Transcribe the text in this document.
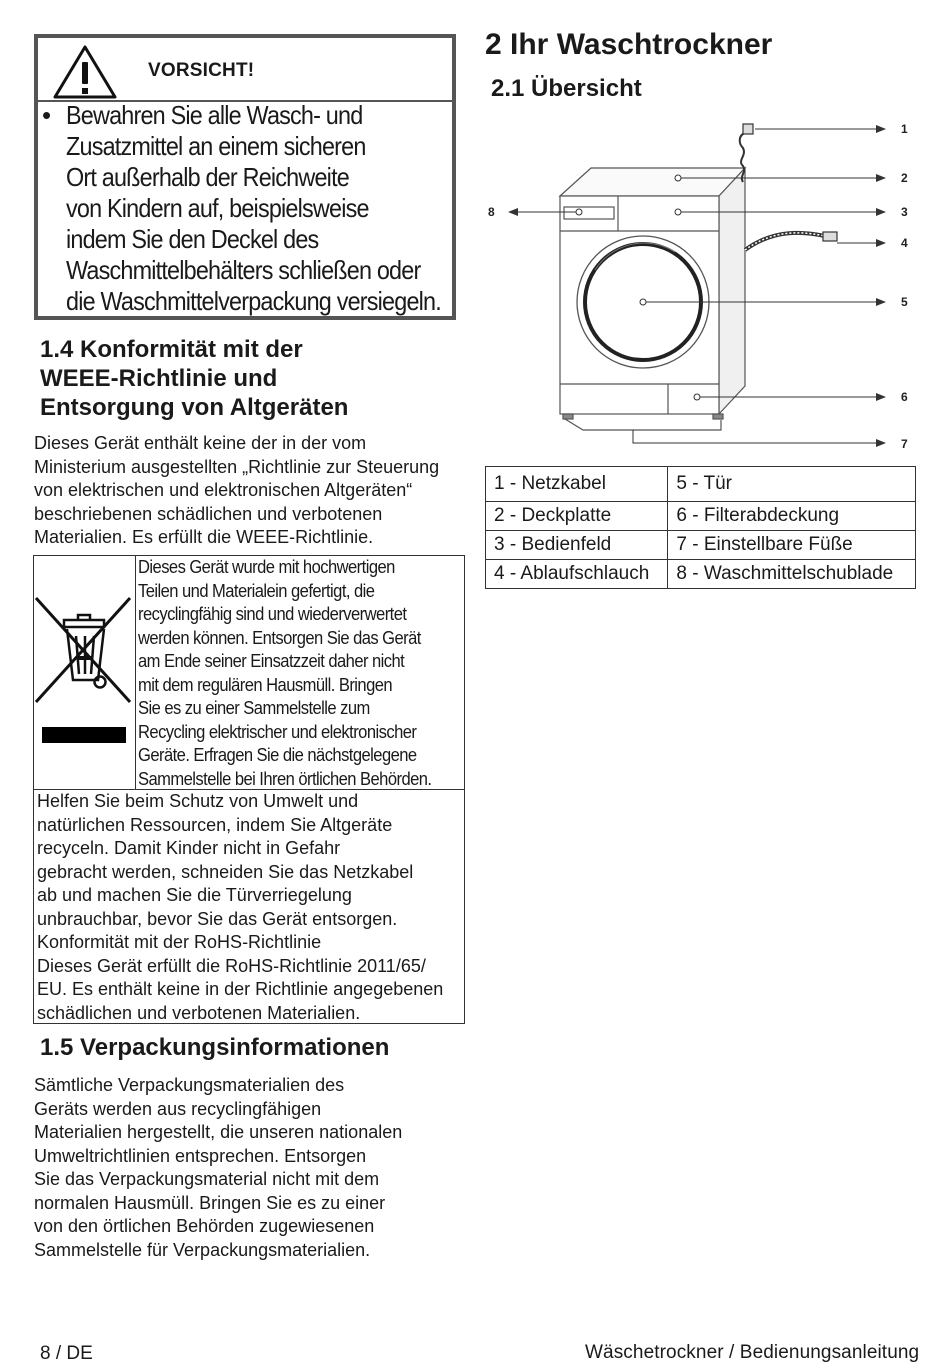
VORSICHT!
• Bewahren Sie alle Wasch- und
Zusatzmittel an einem sicheren
Ort außerhalb der Reichweite
von Kindern auf, beispielsweise
indem Sie den Deckel des
Waschmittelbehälters schließen oder
die Waschmittelverpackung versiegeln.
1.4 Konformität mit der
WEEE-Richtlinie und
Entsorgung von Altgeräten

Dieses Gerät enthält keine der in der vom
Ministerium ausgestellten „Richtlinie zur Steuerung
von elektrischen und elektronischen Altgeräten“
beschriebenen schädlichen und verbotenen
Materialien. Es erfüllt die WEEE-Richtlinie.

Dieses Gerät wurde mit hochwertigen
Teilen und Materialein gefertigt, die
recyclingfähig sind und wiederverwertet
werden können. Entsorgen Sie das Gerät
am Ende seiner Einsatzzeit daher nicht
mit dem regulären Hausmüll. Bringen
Sie es zu einer Sammelstelle zum
Recycling elektrischer und elektronischer
Geräte. Erfragen Sie die nächstgelegene
Sammelstelle bei Ihren örtlichen Behörden.
Helfen Sie beim Schutz von Umwelt und
natürlichen Ressourcen, indem Sie Altgeräte
recyceln. Damit Kinder nicht in Gefahr
gebracht werden, schneiden Sie das Netzkabel
ab und machen Sie die Türverriegelung
unbrauchbar, bevor Sie das Gerät entsorgen.
Konformität mit der RoHS-Richtlinie
Dieses Gerät erfüllt die RoHS-Richtlinie 2011/65/
EU. Es enthält keine in der Richtlinie angegebenen
schädlichen und verbotenen Materialien.
1.5 Verpackungsinformationen

Sämtliche Verpackungsmaterialien des
Geräts werden aus recyclingfähigen
Materialien hergestellt, die unseren nationalen
Umweltrichtlinien entsprechen. Entsorgen
Sie das Verpackungsmaterial nicht mit dem
normalen Hausmüll. Bringen Sie es zu einer
von den örtlichen Behörden zugewiesenen
Sammelstelle für Verpackungsmaterialien.

2 Ihr Waschtrockner
2.1 Übersicht
1
2
3
4
5
6
7
8
1 - Netzkabel	5 - Tür
2 - Deckplatte	6 - Filterabdeckung
3 - Bedienfeld	7 - Einstellbare Füße
4 - Ablaufschlauch	8 - Waschmittelschublade
8 / DE	Wäschetrockner / Bedienungsanleitung
